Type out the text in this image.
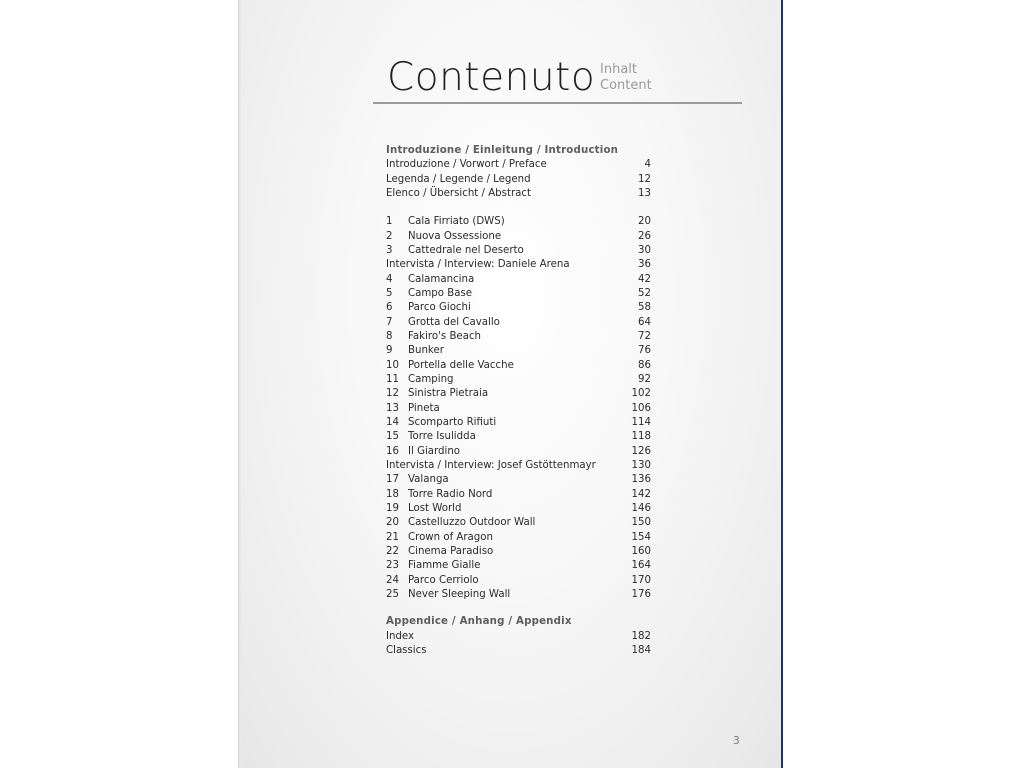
Contenuto Inhalt
Content
Introduzione / Einleitung / Introduction
Introduzione / Vorwort / Preface	4
Legenda / Legende / Legend	12
Elenco / Übersicht / Abstract	13
1	Cala Firriato (DWS)	20
2	Nuova Ossessione	26
3	Cattedrale nel Deserto	30
Intervista / Interview: Daniele Arena	36
4	Calamancina	42
5	Campo Base	52
6	Parco Giochi	58
7	Grotta del Cavallo	64
8	Fakiro's Beach	72
9	Bunker	76
10 Portella delle Vacche	86
11 Camping	92
12 Sinistra Pietraia	102
13 Pineta	106
14 Scomparto Rifiuti	114
15 Torre Isulidda	118
16 Il Giardino	126
Intervista / Interview: Josef Gstöttenmayr	130
17 Valanga	136
18 Torre Radio Nord	142
19 Lost World	146
20 Castelluzzo Outdoor Wall	150
21 Crown of Aragon	154
22 Cinema Paradiso	160
23 Fiamme Gialle	164
24 Parco Cerriolo	170
25 Never Sleeping Wall	176
Appendice / Anhang / Appendix
Index	182
Classics	184
3
